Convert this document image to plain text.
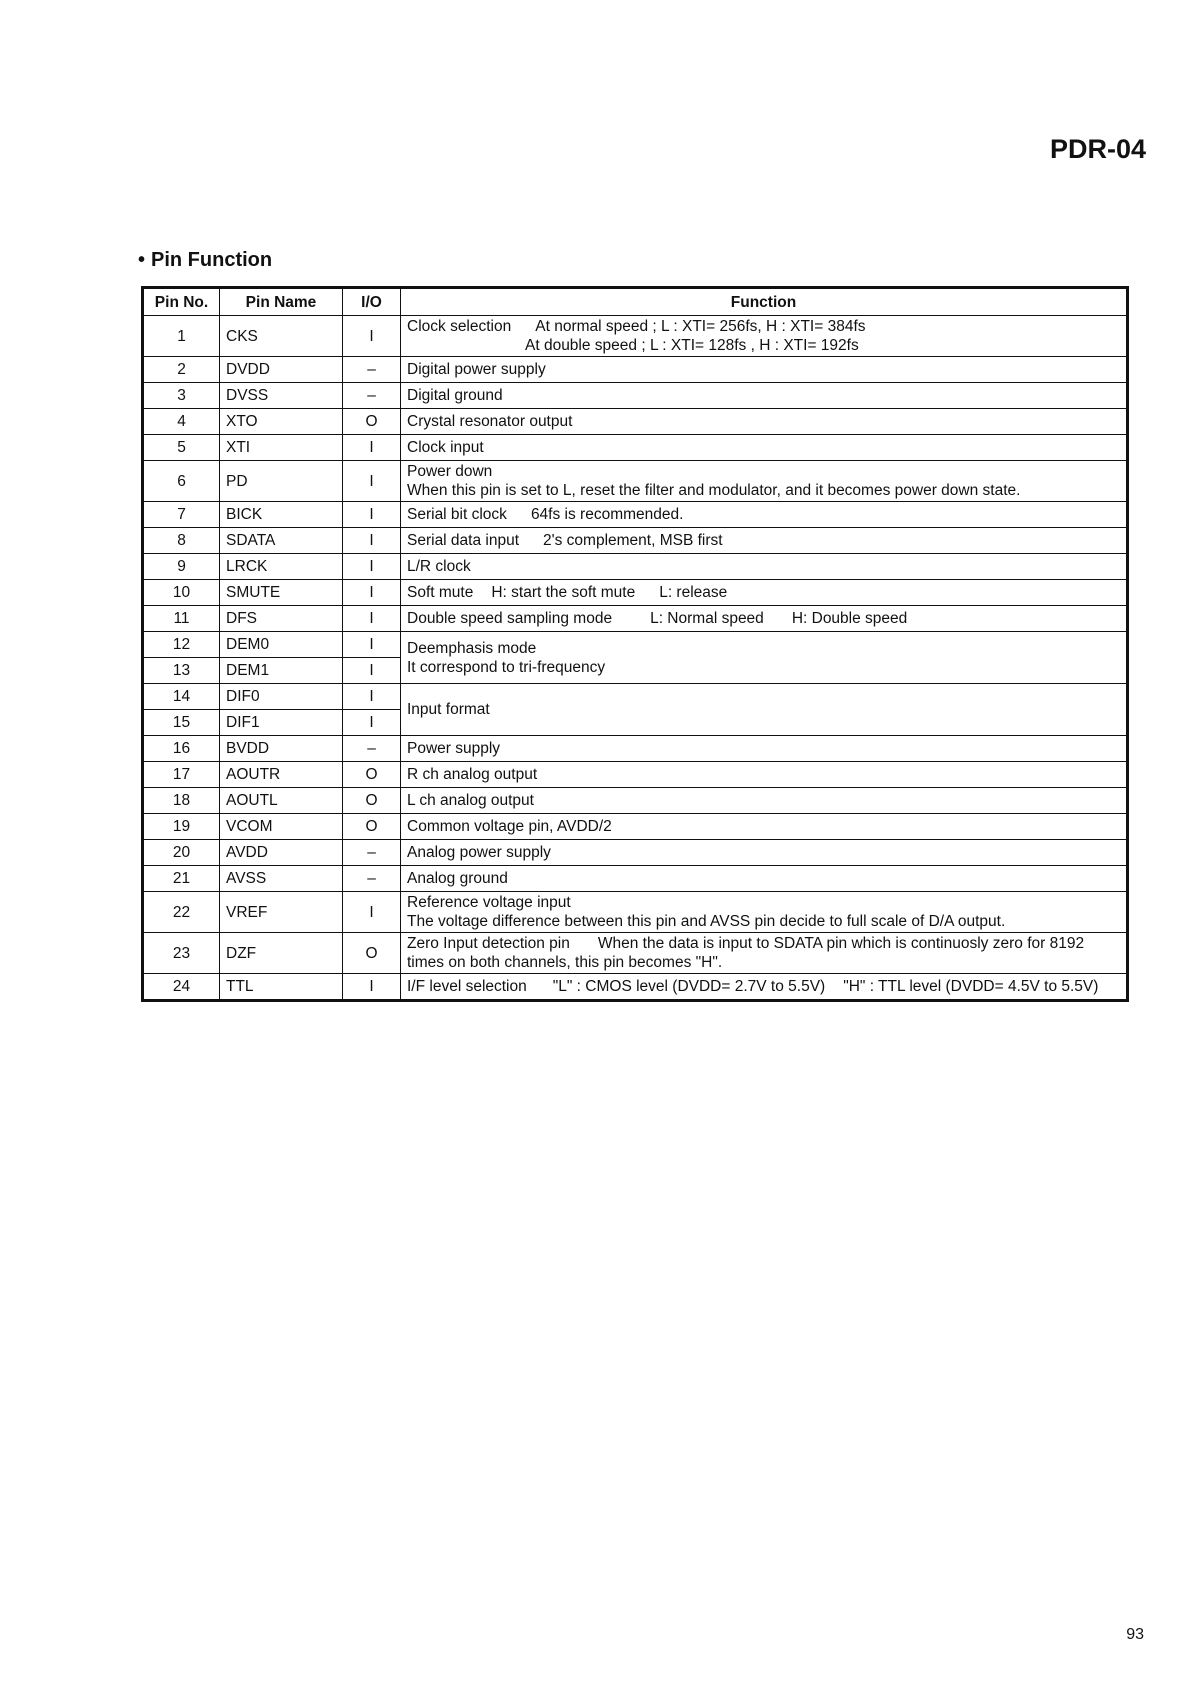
PDR-04
• Pin Function
Pin No.	Pin Name	I/O	Function
1	CKS	I	Clock selection At normal speed ; L : XTI= 256fs, H : XTI= 384fs
At double speed ; L : XTI= 128fs , H : XTI= 192fs

2	DVDD	–	Digital power supply
3	DVSS	–	Digital ground
4	XTO	O	Crystal resonator output
5	XTI	I	Clock input
6	PD	I	Power down
When this pin is set to L, reset the filter and modulator, and it becomes power down state.

7	BICK	I	Serial bit clock 64fs is recommended.
8	SDATA	I	Serial data input 2's complement, MSB first
9	LRCK	I	L/R clock
10	SMUTE	I	Soft mute H: start the soft mute L: release
11	DFS	I	Double speed sampling mode L: Normal speed H: Double speed
12	DEM0	I	Deemphasis mode
It correspond to tri-frequency

13	DEM1	I	
14	DIF0	I	Input format
15	DIF1	I	
16	BVDD	–	Power supply
17	AOUTR	O	R ch analog output
18	AOUTL	O	L ch analog output
19	VCOM	O	Common voltage pin, AVDD/2
20	AVDD	–	Analog power supply
21	AVSS	–	Analog ground
22	VREF	I	Reference voltage input
The voltage difference between this pin and AVSS pin decide to full scale of D/A output.

23	DZF	O	Zero Input detection pin When the data is input to SDATA pin which is continuosly zero for 8192
times on both channels, this pin becomes "H".

24	TTL	I	I/F level selection "L" : CMOS level (DVDD= 2.7V to 5.5V) "H" : TTL level (DVDD= 4.5V to 5.5V)
93
